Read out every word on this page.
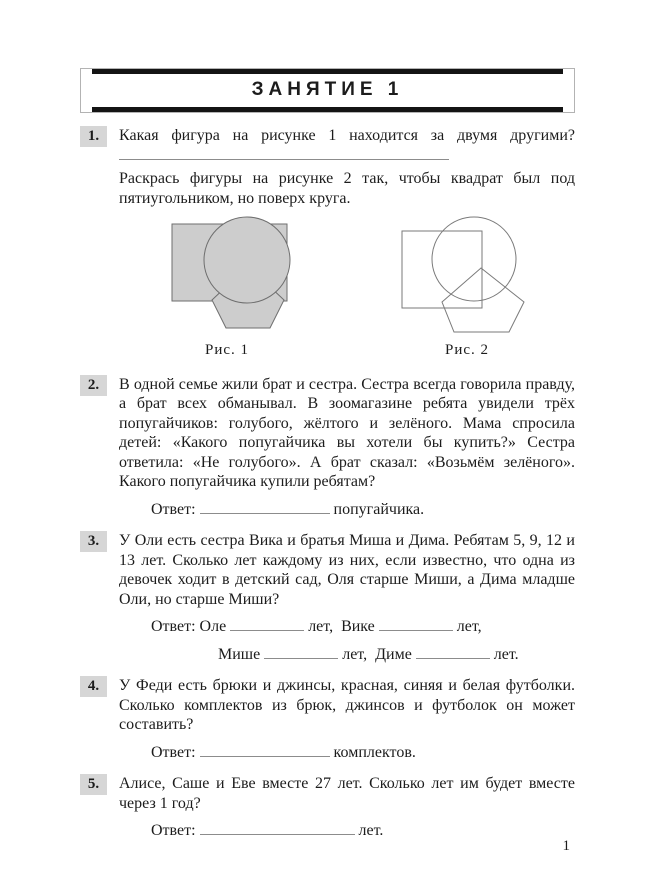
ЗАНЯТИЕ 1
1.	Какая фигура на рисунке 1 находится за двумя другими?

Раскрась фигуры на рисунке 2 так, чтобы квадрат был под пятиугольником, но поверх круга.

Рис. 1	Рис. 2
2.	В одной семье жили брат и сестра. Сестра всегда говорила правду, а брат всех обманывал. В зоомагазине ребята увидели трёх попугайчиков: голубого, жёлтого и зелёного. Мама спросила детей: «Какого попугайчика вы хотели бы купить?» Сестра ответила: «Не голубого». А брат сказал: «Возьмём зелёного». Какого попугайчика купили ребятам?

Ответ:	попугайчика.
3.	У Оли есть сестра Вика и братья Миша и Дима. Ребятам 5, 9, 12 и 13 лет. Сколько лет каждому из них, если известно, что одна из девочек ходит в детский сад, Оля старше Миши, а Дима младше Оли, но старше Миши?

Ответ: Оле	лет, Вике	лет,
Мише	лет, Диме	лет.
4.	У Феди есть брюки и джинсы, красная, синяя и белая футболки. Сколько комплектов из брюк, джинсов и футболок он может составить?

Ответ:	комплектов.
5.	Алисе, Саше и Еве вместе 27 лет. Сколько лет им будет вместе через 1 год?

Ответ:	лет.
1
